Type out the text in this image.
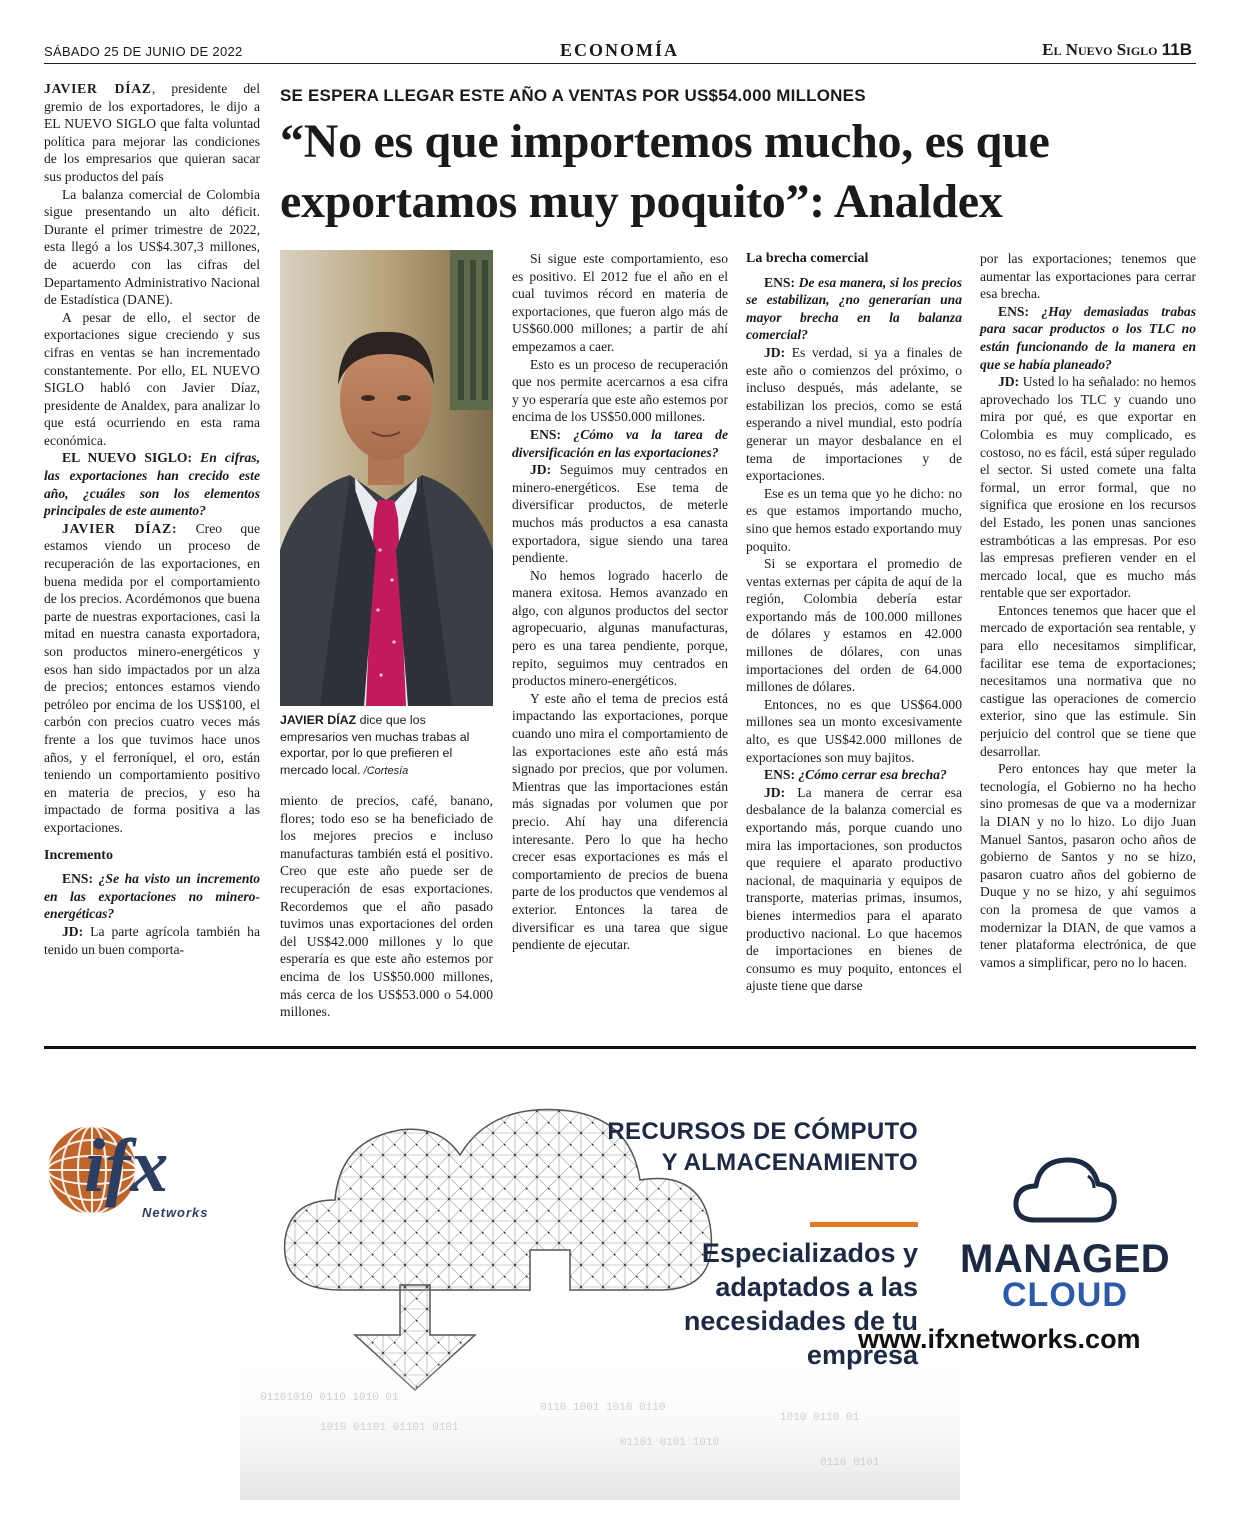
SÁBADO 25 DE JUNIO DE 2022	ECONOMÍA	El Nuevo Siglo 11B
SE ESPERA LLEGAR ESTE AÑO A VENTAS POR US$54.000 MILLONES
“No es que importemos mucho, es que exportamos muy poquito”: Analdex

JAVIER DÍAZ, presidente del gremio de los exportadores, le dijo a EL NUEVO SIGLO que falta voluntad política para mejorar las condiciones de los empresarios que quieran sacar sus productos del país

La balanza comercial de Colombia sigue presentando un alto déficit. Durante el primer trimestre de 2022, esta llegó a los US$4.307,3 millones, de acuerdo con las cifras del Departamento Administrativo Nacional de Estadística (DANE).

A pesar de ello, el sector de exportaciones sigue creciendo y sus cifras en ventas se han incrementado constantemente. Por ello, EL NUEVO SIGLO habló con Javier Díaz, presidente de Analdex, para analizar lo que está ocurriendo en esta rama económica.

EL NUEVO SIGLO: En cifras, las exportaciones han crecido este año, ¿cuáles son los elementos principales de este aumento?

JAVIER DÍAZ: Creo que estamos viendo un proceso de recuperación de las exportaciones, en buena medida por el comportamiento de los precios. Acordémonos que buena parte de nuestras exportaciones, casi la mitad en nuestra canasta exportadora, son productos minero-energéticos y esos han sido impactados por un alza de precios; entonces estamos viendo petróleo por encima de los US$100, el carbón con precios cuatro veces más frente a los que tuvimos hace unos años, y el ferroníquel, el oro, están teniendo un comportamiento positivo en materia de precios, y eso ha impactado de forma positiva a las exportaciones.

Incremento

ENS: ¿Se ha visto un incremento en las exportaciones no minero-energéticas?

JD: La parte agrícola también ha tenido un buen comporta-

JAVIER DÍAZ dice que los empresarios ven muchas trabas al exportar, por lo que prefieren el mercado local. /Cortesía

miento de precios, café, banano, flores; todo eso se ha beneficiado de los mejores precios e incluso manufacturas también está el positivo. Creo que este año puede ser de recuperación de esas exportaciones. Recordemos que el año pasado tuvimos unas exportaciones del orden del US$42.000 millones y lo que esperaría es que este año estemos por encima de los US$50.000 millones, más cerca de los US$53.000 o 54.000 millones.

Si sigue este comportamiento, eso es positivo. El 2012 fue el año en el cual tuvimos récord en materia de exportaciones, que fueron algo más de US$60.000 millones; a partir de ahí empezamos a caer.

Esto es un proceso de recuperación que nos permite acercarnos a esa cifra y yo esperaría que este año estemos por encima de los US$50.000 millones.

ENS: ¿Cómo va la tarea de diversificación en las exportaciones?

JD: Seguimos muy centrados en minero-energéticos. Ese tema de diversificar productos, de meterle muchos más productos a esa canasta exportadora, sigue siendo una tarea pendiente.

No hemos logrado hacerlo de manera exitosa. Hemos avanzado en algo, con algunos productos del sector agropecuario, algunas manufacturas, pero es una tarea pendiente, porque, repito, seguimos muy centrados en productos minero-energéticos.

Y este año el tema de precios está impactando las exportaciones, porque cuando uno mira el comportamiento de las exportaciones este año está más signado por precios, que por volumen. Mientras que las importaciones están más signadas por volumen que por precio. Ahí hay una diferencia interesante. Pero lo que ha hecho crecer esas exportaciones es más el comportamiento de precios de buena parte de los productos que vendemos al exterior. Entonces la tarea de diversificar es una tarea que sigue pendiente de ejecutar.

La brecha comercial

ENS: De esa manera, si los precios se estabilizan, ¿no generarían una mayor brecha en la balanza comercial?

JD: Es verdad, si ya a finales de este año o comienzos del próximo, o incluso después, más adelante, se estabilizan los precios, como se está esperando a nivel mundial, esto podría generar un mayor desbalance en el tema de importaciones y de exportaciones.

Ese es un tema que yo he dicho: no es que estamos importando mucho, sino que hemos estado exportando muy poquito.

Si se exportara el promedio de ventas externas per cápita de aquí de la región, Colombia debería estar exportando más de 100.000 millones de dólares y estamos en 42.000 millones de dólares, con unas importaciones del orden de 64.000 millones de dólares.

Entonces, no es que US$64.000 millones sea un monto excesivamente alto, es que US$42.000 millones de exportaciones son muy bajitos.

ENS: ¿Cómo cerrar esa brecha?

JD: La manera de cerrar esa desbalance de la balanza comercial es exportando más, porque cuando uno mira las importaciones, son productos que requiere el aparato productivo nacional, de maquinaria y equipos de transporte, materias primas, insumos, bienes intermedios para el aparato productivo nacional. Lo que hacemos de importaciones en bienes de consumo es muy poquito, entonces el ajuste tiene que darse

por las exportaciones; tenemos que aumentar las exportaciones para cerrar esa brecha.

ENS: ¿Hay demasiadas trabas para sacar productos o los TLC no están funcionando de la manera en que se había planeado?

JD: Usted lo ha señalado: no hemos aprovechado los TLC y cuando uno mira por qué, es que exportar en Colombia es muy complicado, es costoso, no es fácil, está súper regulado el sector. Si usted comete una falta formal, un error formal, que no significa que erosione en los recursos del Estado, les ponen unas sanciones estrambóticas a las empresas. Por eso las empresas prefieren vender en el mercado local, que es mucho más rentable que ser exportador.

Entonces tenemos que hacer que el mercado de exportación sea rentable, y para ello necesitamos simplificar, facilitar ese tema de exportaciones; necesitamos una normativa que no castigue las operaciones de comercio exterior, sino que las estimule. Sin perjuicio del control que se tiene que desarrollar.

Pero entonces hay que meter la tecnología, el Gobierno no ha hecho sino promesas de que va a modernizar la DIAN y no lo hizo. Lo dijo Juan Manuel Santos, pasaron ocho años de gobierno de Santos y no se hizo, pasaron cuatro años del gobierno de Duque y no se hizo, y ahí seguimos con la promesa de que vamos a modernizar la DIAN, de que vamos a tener plataforma electrónica, de que vamos a simplificar, pero no lo hacen.

ifx
Networks
01101010 0110 1010 01
1010 01101 01101 0101
0110 1001 1010 0110
01101 0101 1010
1010 0110 01
0110 0101
RECURSOS DE CÓMPUTO Y ALMACENAMIENTO
Especializados y adaptados a las necesidades de tu empresa
MANAGED
CLOUD
www.ifxnetworks.com
